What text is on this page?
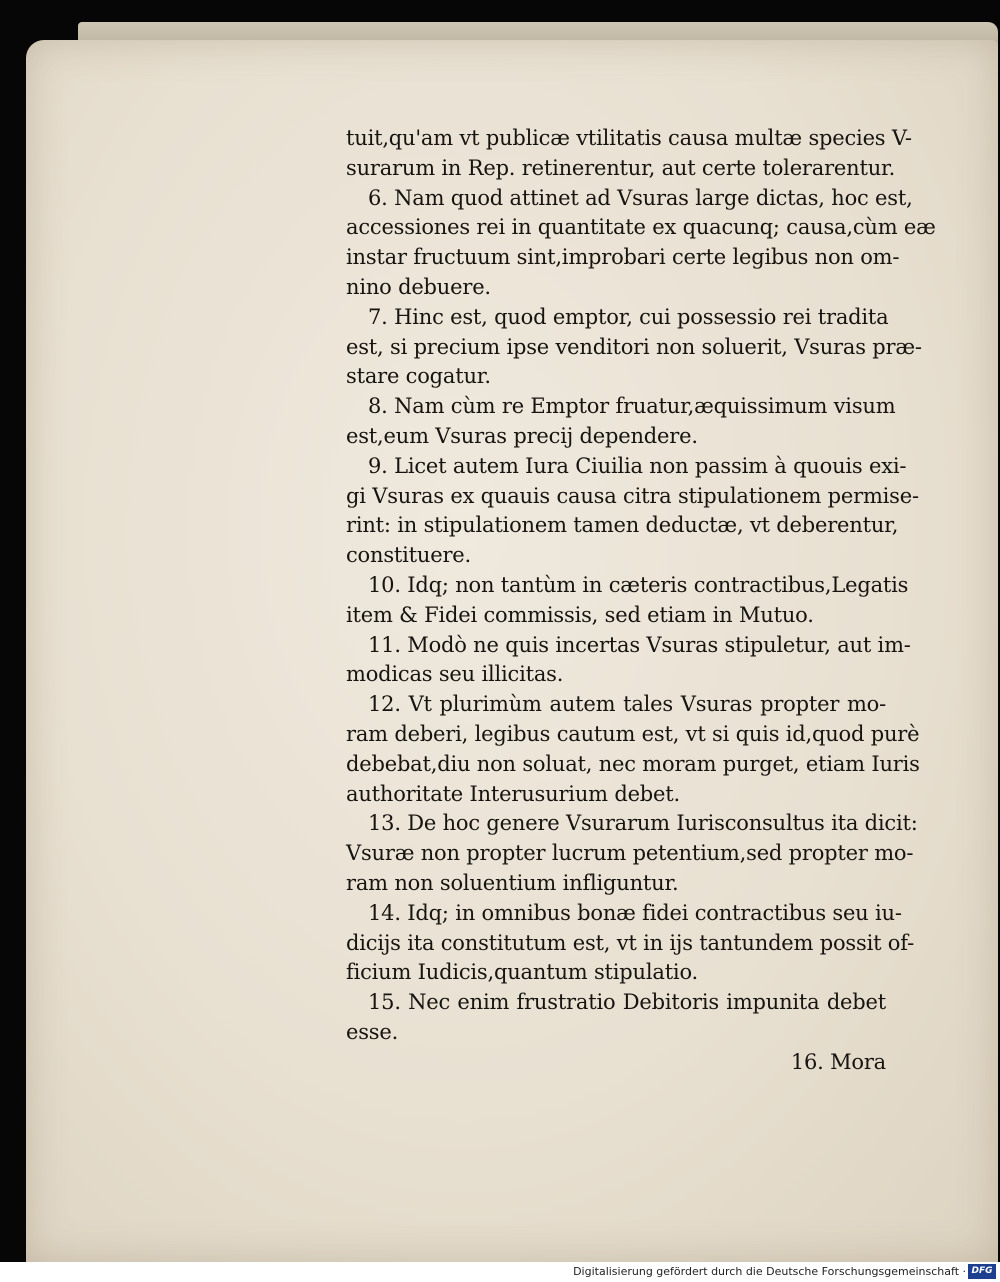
tuit,qu'am vt publicæ vtilitatis causa multæ species V-
surarum in Rep. retinerentur, aut certe tolerarentur.
6. Nam quod attinet ad Vsuras large dictas, hoc est,
accessiones rei in quantitate ex quacunq; causa,cùm eæ
instar fructuum sint,improbari certe legibus non om-
nino debuere.
7. Hinc est, quod emptor, cui possessio rei tradita
est, si precium ipse venditori non soluerit, Vsuras præ-
stare cogatur.
8. Nam cùm re Emptor fruatur,æquissimum visum
est,eum Vsuras precij dependere.
9. Licet autem Iura Ciuilia non passim à quouis exi-
gi Vsuras ex quauis causa citra stipulationem permise-
rint: in stipulationem tamen deductæ, vt deberentur,
constituere.
10. Idq; non tantùm in cæteris contractibus,Legatis
item & Fidei commissis, sed etiam in Mutuo.
11. Modò ne quis incertas Vsuras stipuletur, aut im-
modicas seu illicitas.
12. Vt plurimùm autem tales Vsuras propter mo-
ram deberi, legibus cautum est, vt si quis id,quod purè
debebat,diu non soluat, nec moram purget, etiam Iuris
authoritate Interusurium debet.
13. De hoc genere Vsurarum Iurisconsultus ita dicit:
Vsuræ non propter lucrum petentium,sed propter mo-
ram non soluentium infliguntur.
14. Idq; in omnibus bonæ fidei contractibus seu iu-
dicijs ita constitutum est, vt in ijs tantundem possit of-
ficium Iudicis,quantum stipulatio.
15. Nec enim frustratio Debitoris impunita debet
esse.
16. Mora
Digitalisierung gefördert durch die Deutsche Forschungsgemeinschaft · DFG
